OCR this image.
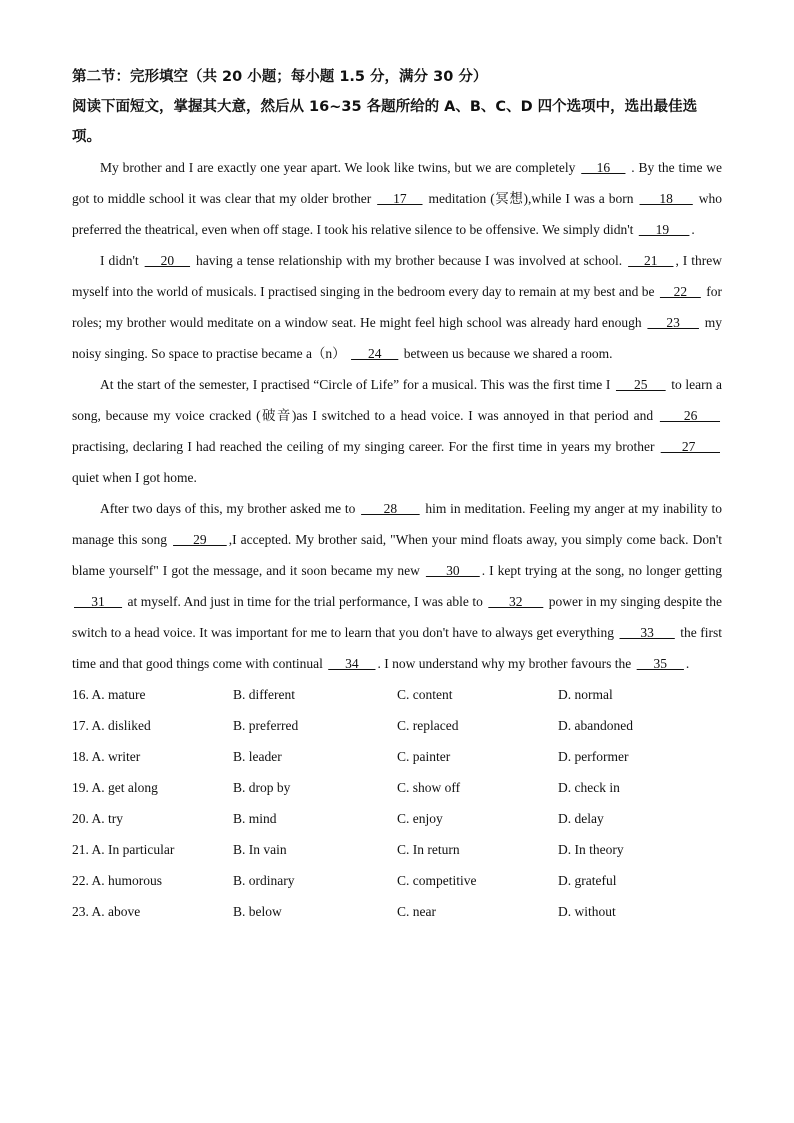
第二节：完形填空（共 20 小题；每小题 1.5 分，满分 30 分）

阅读下面短文，掌握其大意，然后从 16~35 各题所给的 A、B、C、D 四个选项中，选出最佳选项。

My brother and I are exactly one year apart. We look like twins, but we are completely     16     . By the time we got to middle school it was clear that my older brother     17     meditation (冥想),while I was a born      18      who preferred the theatrical, even when off stage. I took his relative silence to be offensive. We simply didn't      19      .

I didn't     20     having a tense relationship with my brother because I was involved at school.     21    , I threw myself into the world of musicals. I practised singing in the bedroom every day to remain at my best and be     22     for roles; my brother would meditate on a window seat. He might feel high school was already hard enough      23      my noisy singing. So space to practise became a（n）      24      between us because we shared a room.

At the start of the semester, I practised “Circle of Life” for a musical. This was the first time I      25      to learn a song, because my voice cracked (破音)as I switched to a head voice. I was annoyed in that period and      26      practising, declaring I had reached the ceiling of my singing career. For the first time in years my brother      27       quiet when I got home.

After two days of this, my brother asked me to       28       him in meditation. Feeling my anger at my inability to manage this song      29     ,I accepted. My brother said, "When your mind floats away, you simply come back. Don't blame yourself" I got the message, and it soon became my new      30     . I kept trying at the song, no longer getting      31      at myself. And just in time for the trial performance, I was able to       32       power in my singing despite the switch to a head voice. It was important for me to learn that you don't have to always get everything       33       the first time and that good things come with continual      34     . I now understand why my brother favours the      35     .

16. A. mature	B. different	C. content	D. normal
17. A. disliked	B. preferred	C. replaced	D. abandoned
18. A. writer	B. leader	C. painter	D. performer
19. A. get along	B. drop by	C. show off	D. check in
20. A. try	B. mind	C. enjoy	D. delay
21. A. In particular	B. In vain	C. In return	D. In theory
22. A. humorous	B. ordinary	C. competitive	D. grateful
23. A. above	B. below	C. near	D. without
